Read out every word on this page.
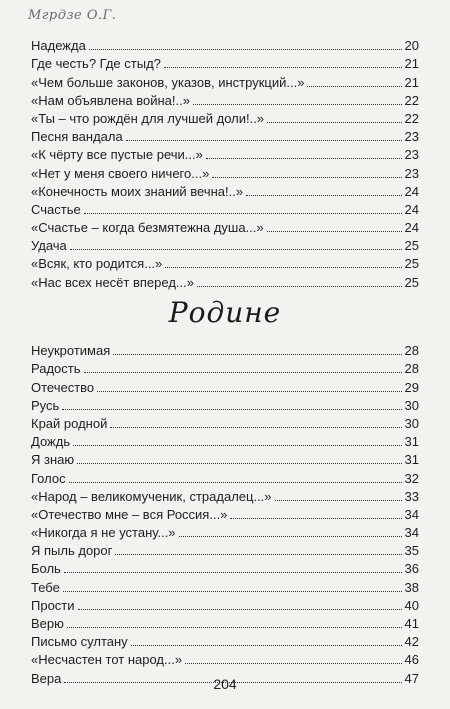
Мгрдзе О.Г.
Надежда	20
Где честь? Где стыд?	21
«Чем больше законов, указов, инструкций...»	21
«Нам объявлена война!..»	22
«Ты – что рождён для лучшей доли!..»	22
Песня вандала	23
«К чёрту все пустые речи...»	23
«Нет у меня своего ничего...»	23
«Конечность моих знаний вечна!..»	24
Счастье	24
«Счастье – когда безмятежна душа...»	24
Удача	25
«Всяк, кто родится...»	25
«Нас всех несёт вперед...»	25
Родине
Неукротимая	28
Радость	28
Отечество	29
Русь	30
Край родной	30
Дождь	31
Я знаю	31
Голос	32
«Народ – великомученик, страдалец...»	33
«Отечество мне – вся Россия...»	34
«Никогда я не устану...»	34
Я пыль дорог	35
Боль	36
Тебе	38
Прости	40
Верю	41
Письмо султану	42
«Несчастен тот народ...»	46
Вера	47
204
